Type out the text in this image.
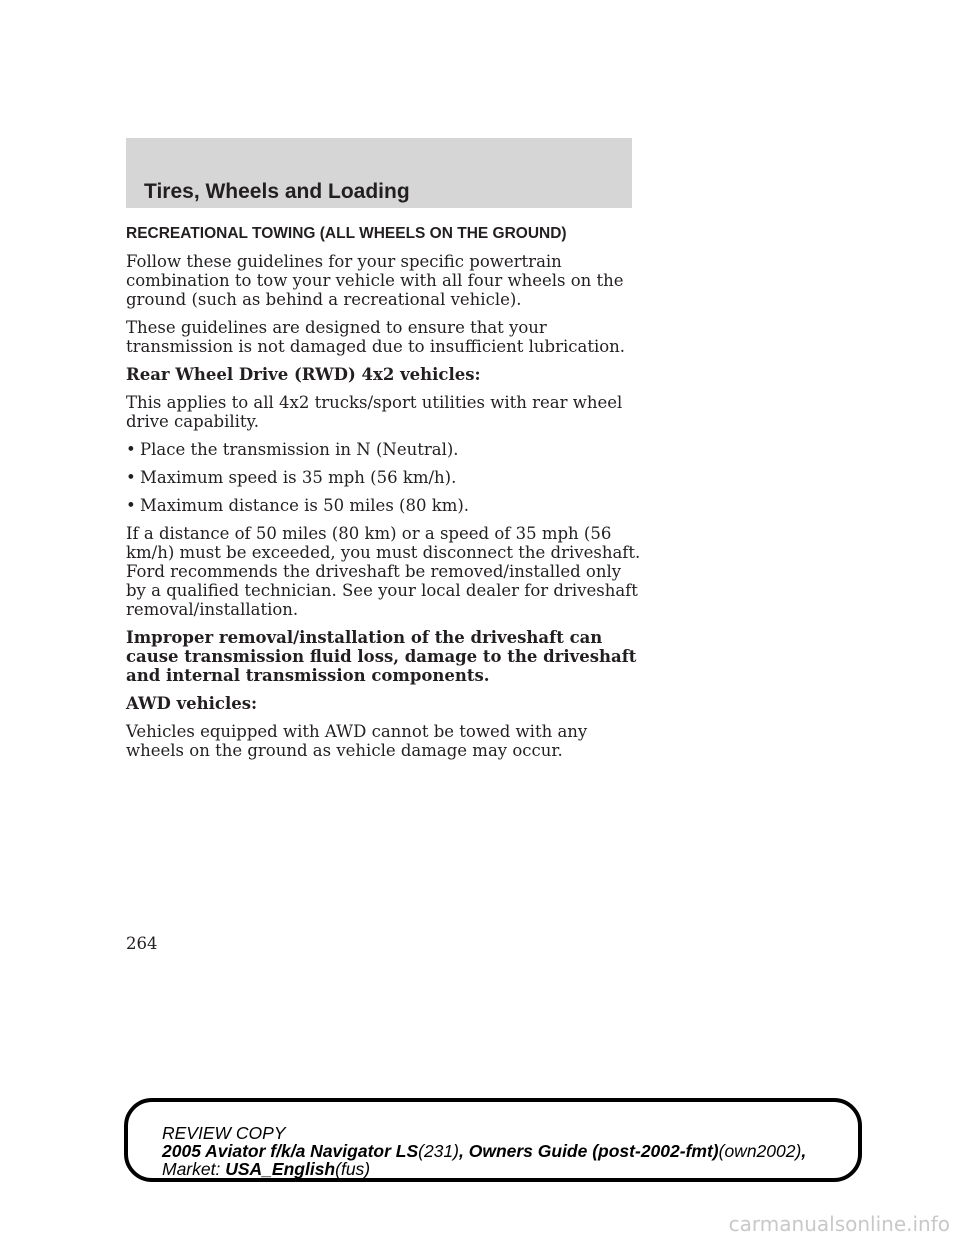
Tires, Wheels and Loading

RECREATIONAL TOWING (ALL WHEELS ON THE GROUND)

Follow these guidelines for your specific powertrain combination to tow your vehicle with all four wheels on the ground (such as behind a recreational vehicle).

These guidelines are designed to ensure that your transmission is not damaged due to insufficient lubrication.

Rear Wheel Drive (RWD) 4x2 vehicles:

This applies to all 4x2 trucks/sport utilities with rear wheel drive capability.

• Place the transmission in N (Neutral).
• Maximum speed is 35 mph (56 km/h).
• Maximum distance is 50 miles (80 km).

If a distance of 50 miles (80 km) or a speed of 35 mph (56 km/h) must be exceeded, you must disconnect the driveshaft. Ford recommends the driveshaft be removed/installed only by a qualified technician. See your local dealer for driveshaft removal/installation.

Improper removal/installation of the driveshaft can cause transmission fluid loss, damage to the driveshaft and internal transmission components.

AWD vehicles:

Vehicles equipped with AWD cannot be towed with any wheels on the ground as vehicle damage may occur.

264
REVIEW COPY
2005 Aviator f/k/a Navigator LS(231), Owners Guide (post-2002-fmt)(own2002),
Market: USA_English(fus)
carmanualsonline.info
